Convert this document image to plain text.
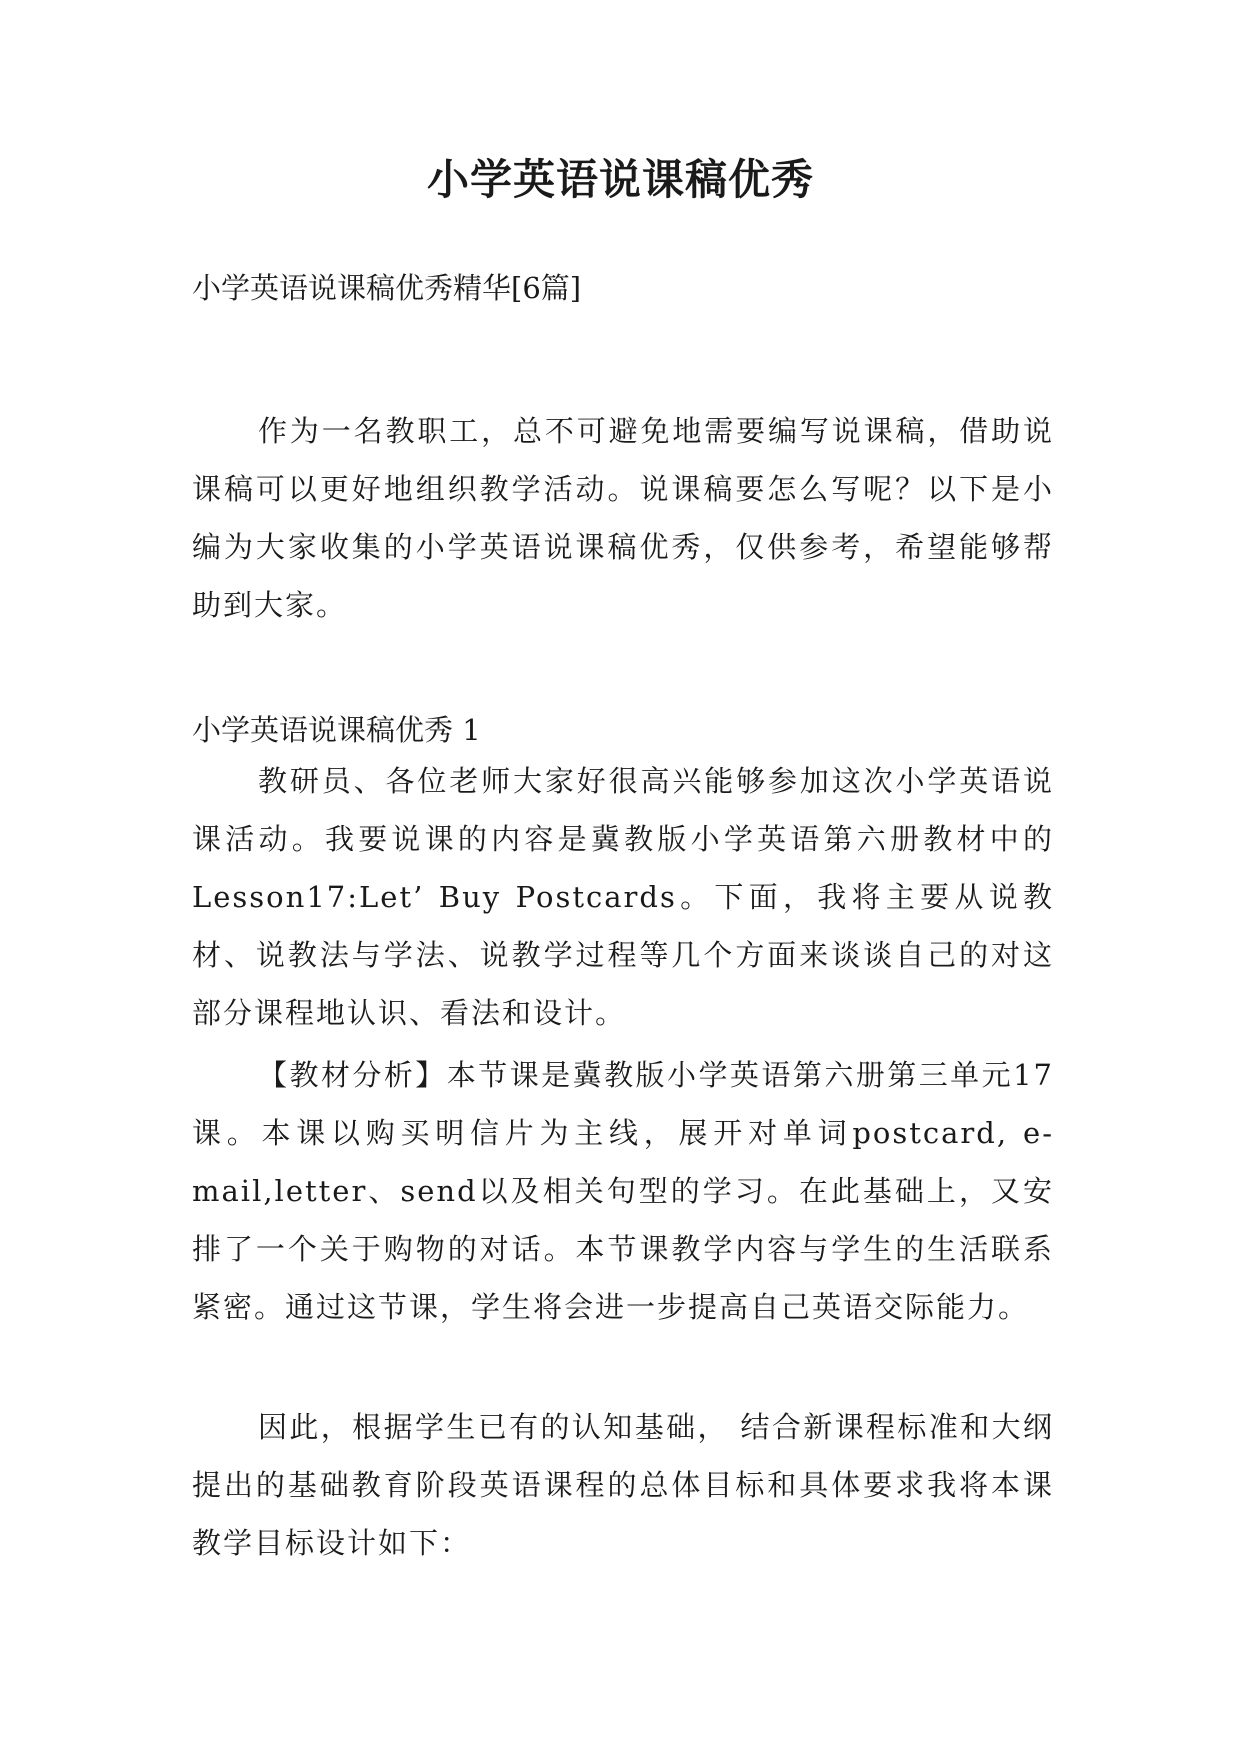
小学英语说课稿优秀
小学英语说课稿优秀精华[6篇]

作为一名教职工，总不可避免地需要编写说课稿，借助说课稿可以更好地组织教学活动。说课稿要怎么写呢？以下是小编为大家收集的小学英语说课稿优秀，仅供参考，希望能够帮助到大家。

小学英语说课稿优秀 1

教研员、各位老师大家好很高兴能够参加这次小学英语说课活动。我要说课的内容是冀教版小学英语第六册教材中的Lesson17:Let’ Buy Postcards。下面，我将主要从说教材、说教法与学法、说教学过程等几个方面来谈谈自己的对这部分课程地认识、看法和设计。

【教材分析】本节课是冀教版小学英语第六册第三单元17课。本课以购买明信片为主线，展开对单词postcard, e-mail,letter、send以及相关句型的学习。在此基础上，又安排了一个关于购物的对话。本节课教学内容与学生的生活联系紧密。通过这节课，学生将会进一步提高自己英语交际能力。

因此，根据学生已有的认知基础， 结合新课程标准和大纲提出的基础教育阶段英语课程的总体目标和具体要求我将本课教学目标设计如下：
